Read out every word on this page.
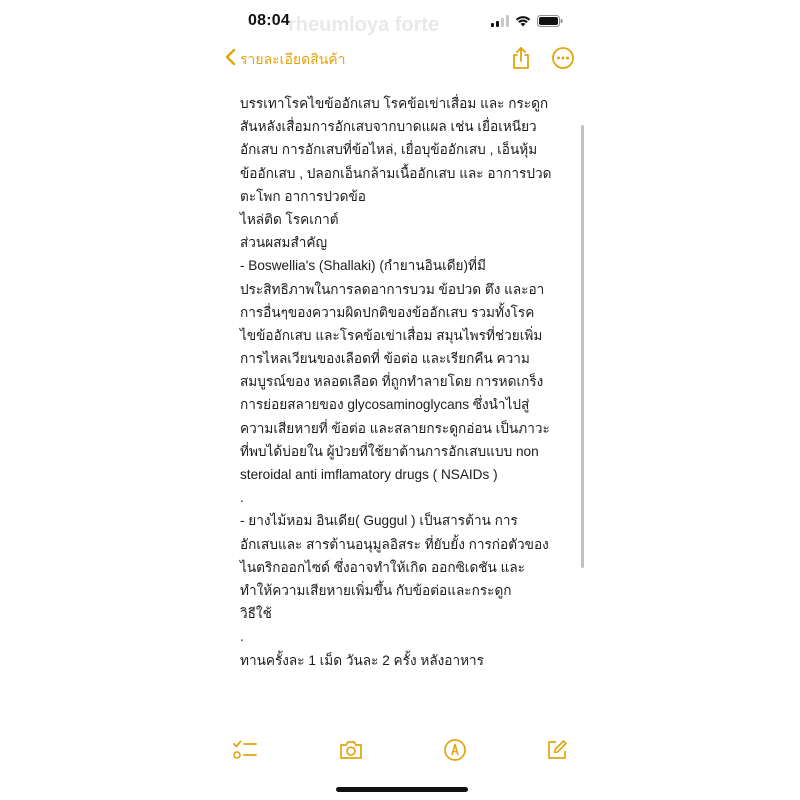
08:04
rheumloya forte
รายละเอียดสินค้า
บรรเทาโรคไขข้ออักเสบ โรคข้อเข่าเสื่อม และ กระดูก
สันหลังเสื่อมการอักเสบจากบาดแผล เช่น เยื่อเหนียว
อักเสบ การอักเสบที่ข้อไหล่, เยื่อบุข้ออักเสบ , เอ็นหุ้ม
ข้ออักเสบ , ปลอกเอ็นกล้ามเนื้ออักเสบ และ อาการปวด
ตะโพก อาการปวดข้อ
ไหล่ติด โรคเกาต์
ส่วนผสมสำคัญ
- Boswellia's (Shallaki) (กำยานอินเดีย)ที่มี
ประสิทธิภาพในการลดอาการบวม ข้อปวด ตึง และอา
การอื่นๆของความผิดปกติของข้ออักเสบ รวมทั้งโรค
ไขข้ออักเสบ และโรคข้อเข่าเสื่อม สมุนไพรที่ช่วยเพิ่ม
การไหลเวียนของเลือดที่ ข้อต่อ และเรียกคืน ความ
สมบูรณ์ของ หลอดเลือด ที่ถูกทำลายโดย การหดเกร็ง
การย่อยสลายของ glycosaminoglycans ซึ่งนำไปสู่
ความเสียหายที่ ข้อต่อ และสลายกระดูกอ่อน เป็นภาวะ
ที่พบได้บ่อยใน ผู้ป่วยที่ใช้ยาต้านการอักเสบแบบ non
steroidal anti imflamatory drugs ( NSAIDs )
.
- ยางไม้หอม อินเดีย( Guggul ) เป็นสารต้าน การ
อักเสบและ สารต้านอนุมูลอิสระ ที่ยับยั้ง การก่อตัวของ
ไนตริกออกไซด์ ซึ่งอาจทำให้เกิด ออกซิเดชัน และ
ทำให้ความเสียหายเพิ่มขึ้น กับข้อต่อและกระดูก
วิธีใช้
.
ทานครั้งละ 1 เม็ด วันละ 2 ครั้ง หลังอาหาร
